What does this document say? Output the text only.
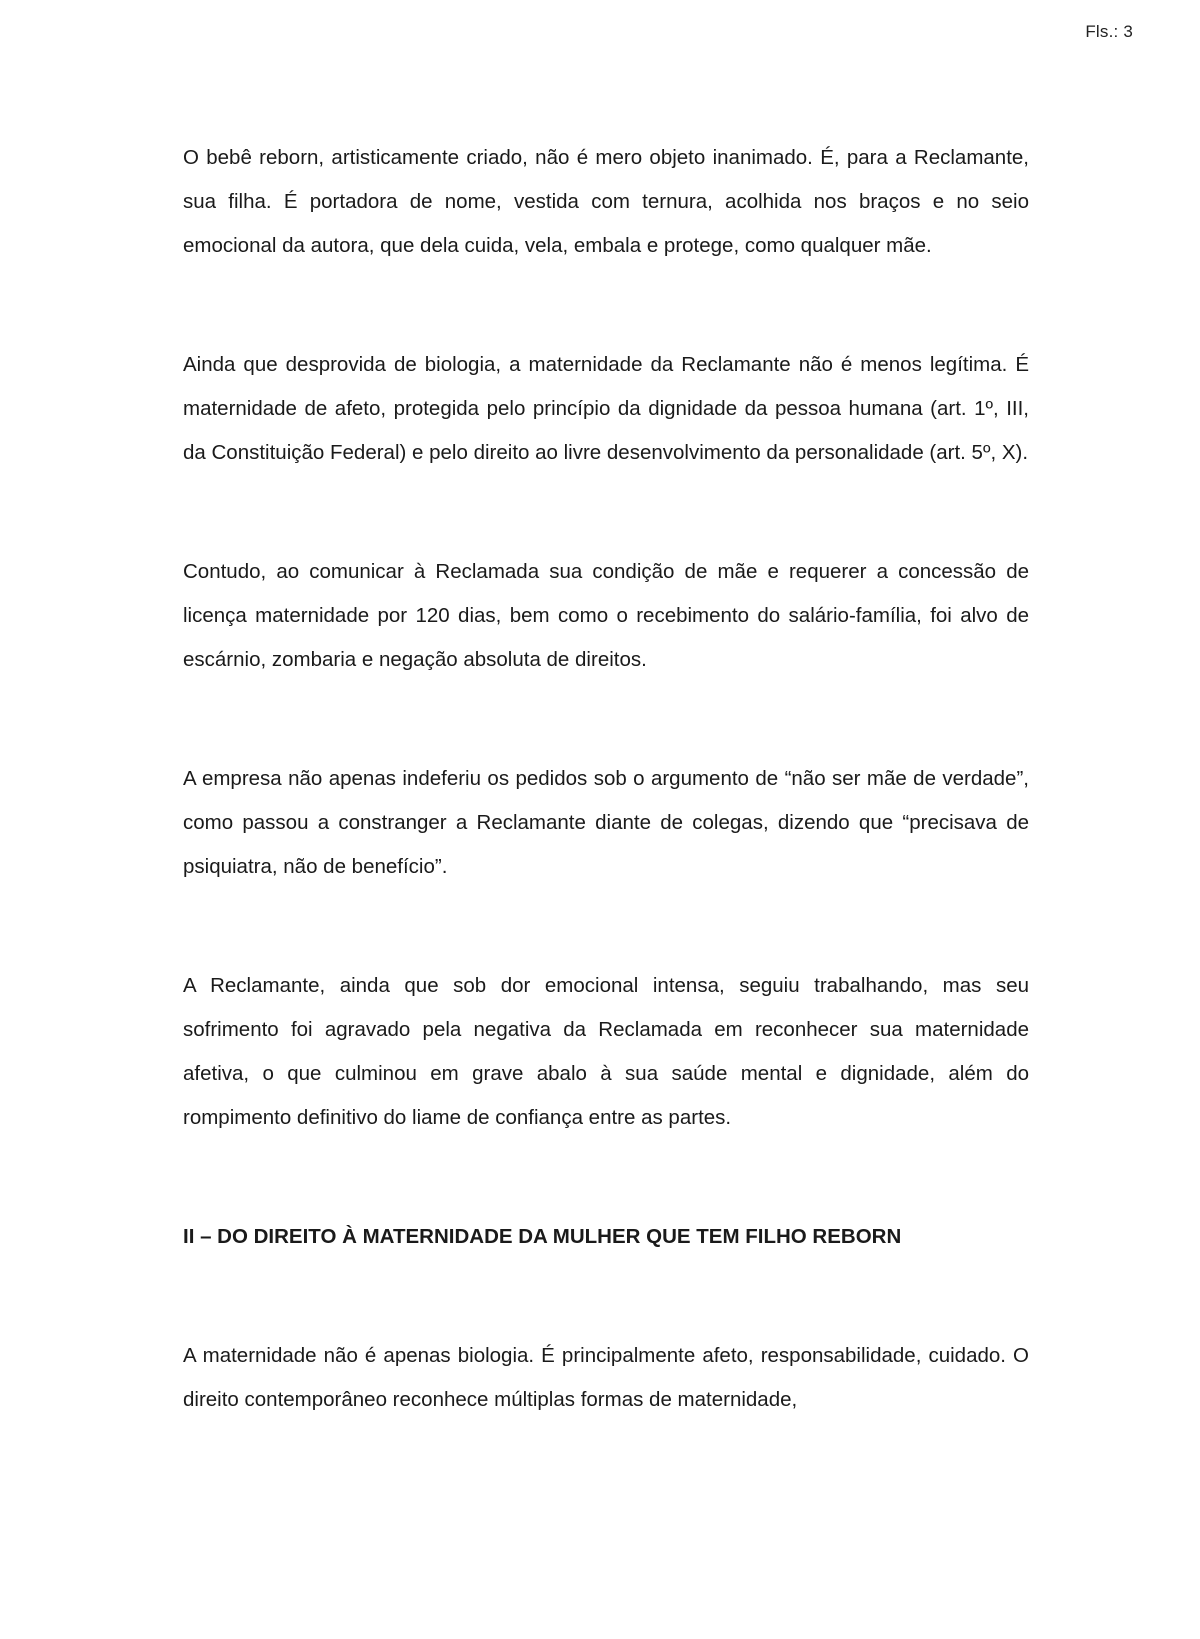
Fls.: 3

O bebê reborn, artisticamente criado, não é mero objeto inanimado. É, para a Reclamante, sua filha. É portadora de nome, vestida com ternura, acolhida nos braços e no seio emocional da autora, que dela cuida, vela, embala e protege, como qualquer mãe.

Ainda que desprovida de biologia, a maternidade da Reclamante não é menos legítima. É maternidade de afeto, protegida pelo princípio da dignidade da pessoa humana (art. 1º, III, da Constituição Federal) e pelo direito ao livre desenvolvimento da personalidade (art. 5º, X).

Contudo, ao comunicar à Reclamada sua condição de mãe e requerer a concessão de licença maternidade por 120 dias, bem como o recebimento do salário-família, foi alvo de escárnio, zombaria e negação absoluta de direitos.

A empresa não apenas indeferiu os pedidos sob o argumento de “não ser mãe de verdade”, como passou a constranger a Reclamante diante de colegas, dizendo que “precisava de psiquiatra, não de benefício”.

A Reclamante, ainda que sob dor emocional intensa, seguiu trabalhando, mas seu sofrimento foi agravado pela negativa da Reclamada em reconhecer sua maternidade afetiva, o que culminou em grave abalo à sua saúde mental e dignidade, além do rompimento definitivo do liame de confiança entre as partes.

II – DO DIREITO À MATERNIDADE DA MULHER QUE TEM FILHO REBORN

A maternidade não é apenas biologia. É principalmente afeto, responsabilidade, cuidado. O direito contemporâneo reconhece múltiplas formas de maternidade,
